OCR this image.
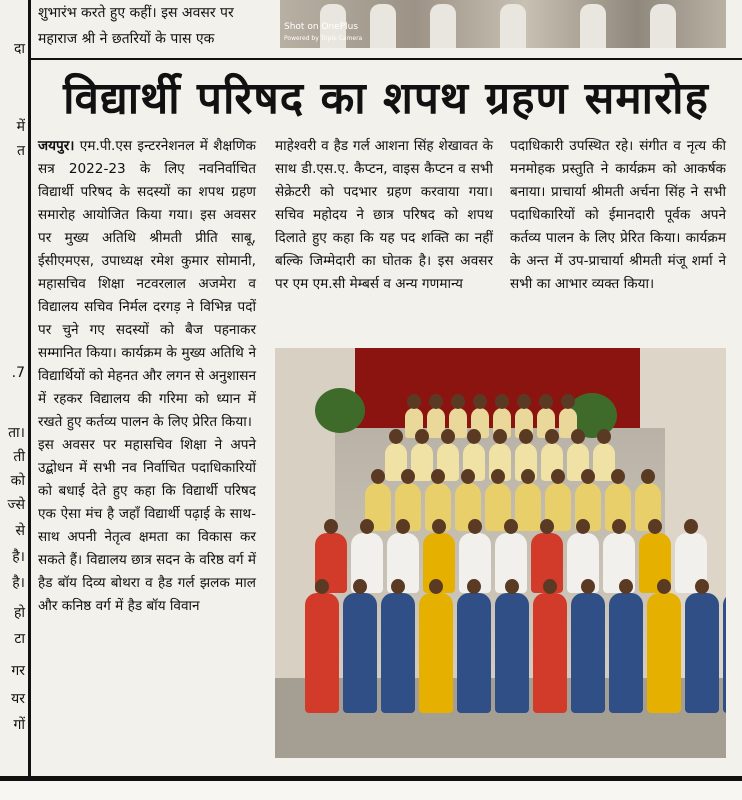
दा
में
त
.7
ता।
ती
को
ज्से
से
है।
है।
हो
टा
गर
यर
गों
शुभारंभ करते हुए कहीं। इस अवसर पर महाराज श्री ने छतरियों के पास एक
Shot on OnePlus
Powered by Triple Camera
विद्यार्थी परिषद का शपथ ग्रहण समारोह

जयपुर। एम.पी.एस इन्टरनेशनल में शैक्षणिक सत्र 2022-23 के लिए नवनिर्वाचित विद्यार्थी परिषद के सदस्यों का शपथ ग्रहण समारोह आयोजित किया गया। इस अवसर पर मुख्य अतिथि श्रीमती प्रीति साबू, ईसीएमएस, उपाध्यक्ष रमेश कुमार सोमानी, महासचिव शिक्षा नटवरलाल अजमेरा व विद्यालय सचिव निर्मल दरगड़ ने विभिन्न पदों पर चुने गए सदस्यों को बैज पहनाकर सम्मानित किया। कार्यक्रम के मुख्य अतिथि ने विद्यार्थियों को मेहनत और लगन से अनुशासन में रहकर विद्यालय की गरिमा को ध्यान में रखते हुए कर्तव्य पालन के लिए प्रेरित किया।

इस अवसर पर महासचिव शिक्षा ने अपने उद्बोधन में सभी नव निर्वाचित पदाधिकारियों को बधाई देते हुए कहा कि विद्यार्थी परिषद एक ऐसा मंच है जहाँ विद्यार्थी पढ़ाई के साथ-साथ अपनी नेतृत्व क्षमता का विकास कर सकते हैं। विद्यालय छात्र सदन के वरिष्ठ वर्ग में हैड बॉय दिव्य बोथरा व हैड गर्ल झलक माल और कनिष्ठ वर्ग में हैड बॉय विवान

माहेश्वरी व हैड गर्ल आशना सिंह शेखावत के साथ डी.एस.ए. कैप्टन, वाइस कैप्टन व सभी सेक्रेटरी को पदभार ग्रहण करवाया गया। सचिव महोदय ने छात्र परिषद को शपथ दिलाते हुए कहा कि यह पद शक्ति का नहीं बल्कि जिम्मेदारी का घोतक है। इस अवसर पर एम एम.सी मेम्बर्स व अन्य गणमान्य
पदाधिकारी उपस्थित रहे। संगीत व नृत्य की मनमोहक प्रस्तुति ने कार्यक्रम को आकर्षक बनाया। प्राचार्या श्रीमती अर्चना सिंह ने सभी पदाधिकारियों को ईमानदारी पूर्वक अपने कर्तव्य पालन के लिए प्रेरित किया। कार्यक्रम के अन्त में उप-प्राचार्या श्रीमती मंजू शर्मा ने सभी का आभार व्यक्त किया।
